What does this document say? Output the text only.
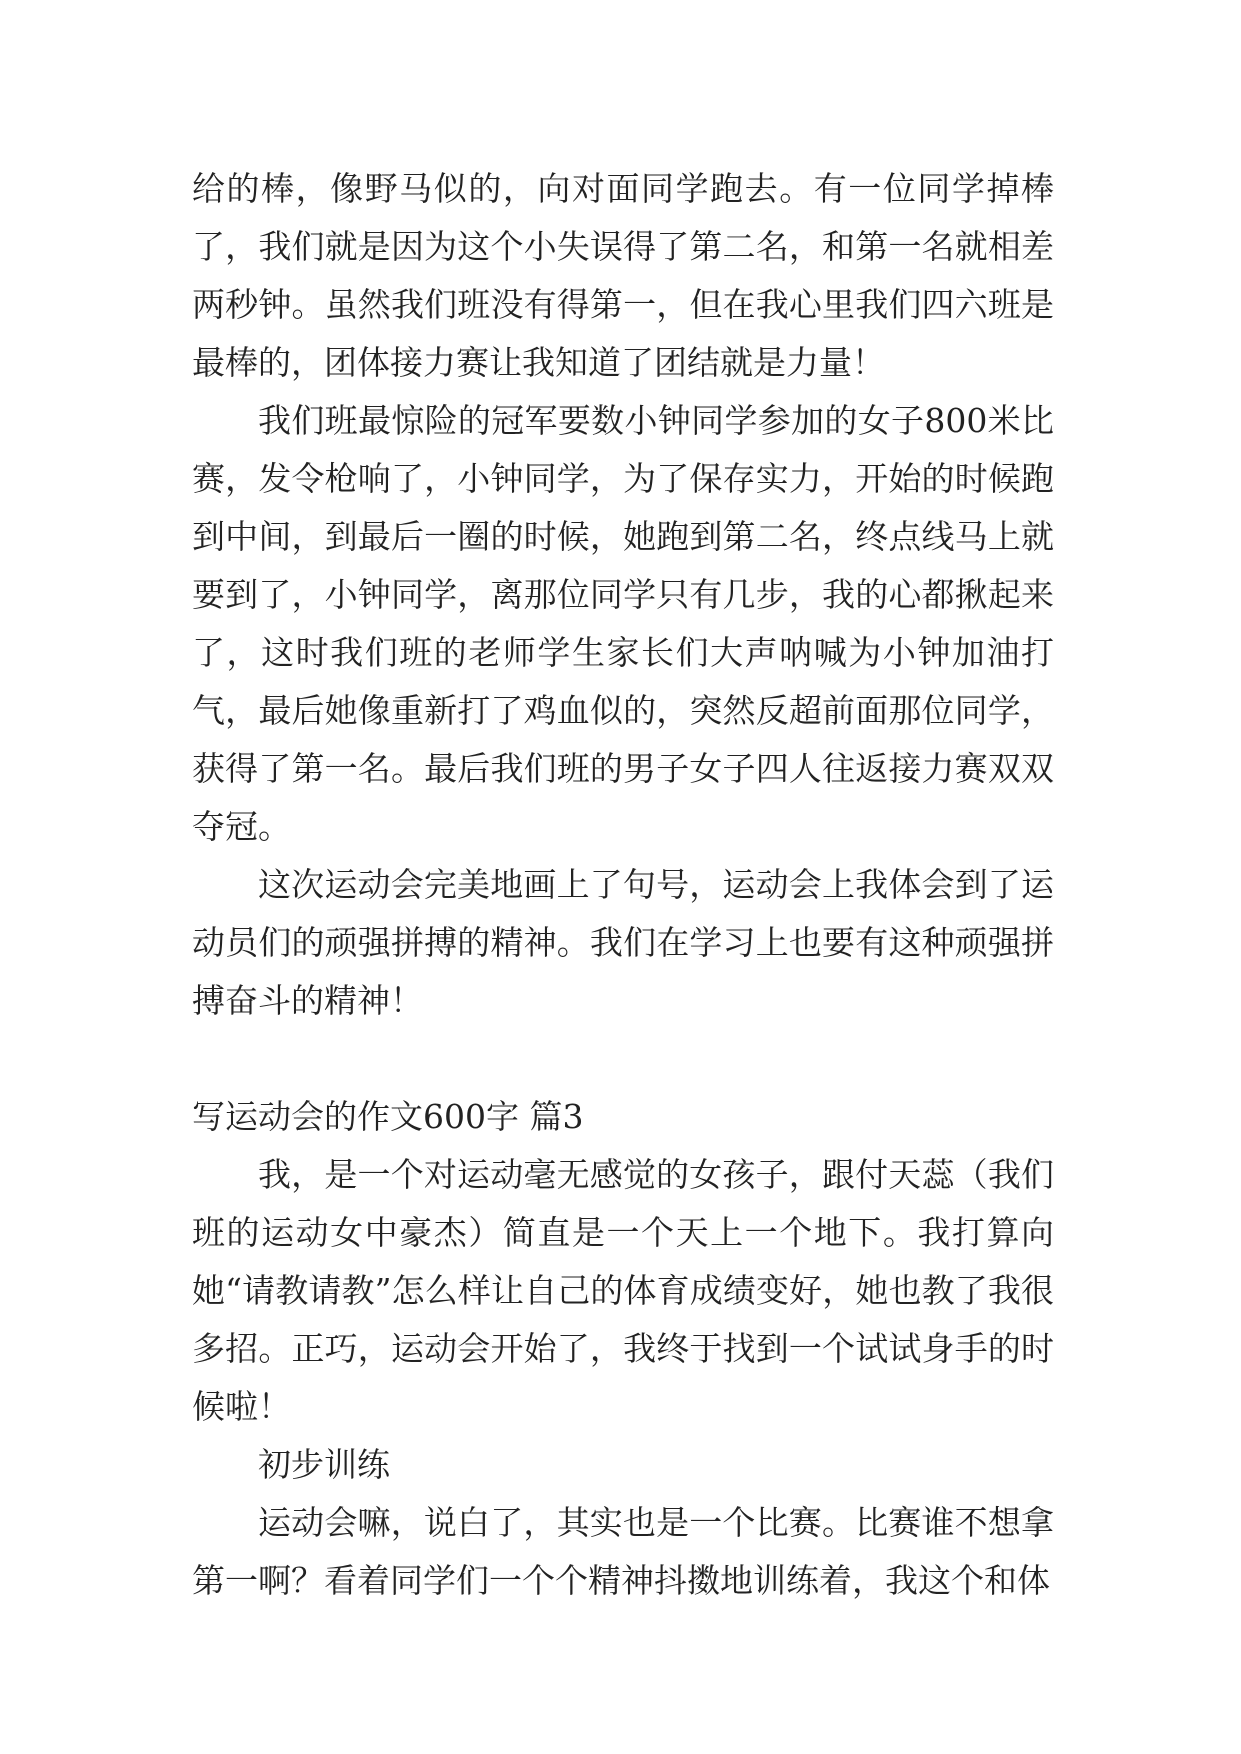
给的棒，像野马似的，向对面同学跑去。有一位同学掉棒了，我们就是因为这个小失误得了第二名，和第一名就相差两秒钟。虽然我们班没有得第一，但在我心里我们四六班是最棒的，团体接力赛让我知道了团结就是力量！

我们班最惊险的冠军要数小钟同学参加的女子800米比赛，发令枪响了，小钟同学，为了保存实力，开始的时候跑到中间，到最后一圈的时候，她跑到第二名，终点线马上就要到了，小钟同学，离那位同学只有几步，我的心都揪起来了，这时我们班的老师学生家长们大声呐喊为小钟加油打气，最后她像重新打了鸡血似的，突然反超前面那位同学，获得了第一名。最后我们班的男子女子四人往返接力赛双双夺冠。

这次运动会完美地画上了句号，运动会上我体会到了运动员们的顽强拼搏的精神。我们在学习上也要有这种顽强拼搏奋斗的精神！

写运动会的作文600字 篇3

我，是一个对运动毫无感觉的女孩子，跟付天蕊（我们班的运动女中豪杰）简直是一个天上一个地下。我打算向她“请教请教”怎么样让自己的体育成绩变好，她也教了我很多招。正巧，运动会开始了，我终于找到一个试试身手的时候啦！

初步训练

运动会嘛，说白了，其实也是一个比赛。比赛谁不想拿第一啊？看着同学们一个个精神抖擞地训练着，我这个和体
